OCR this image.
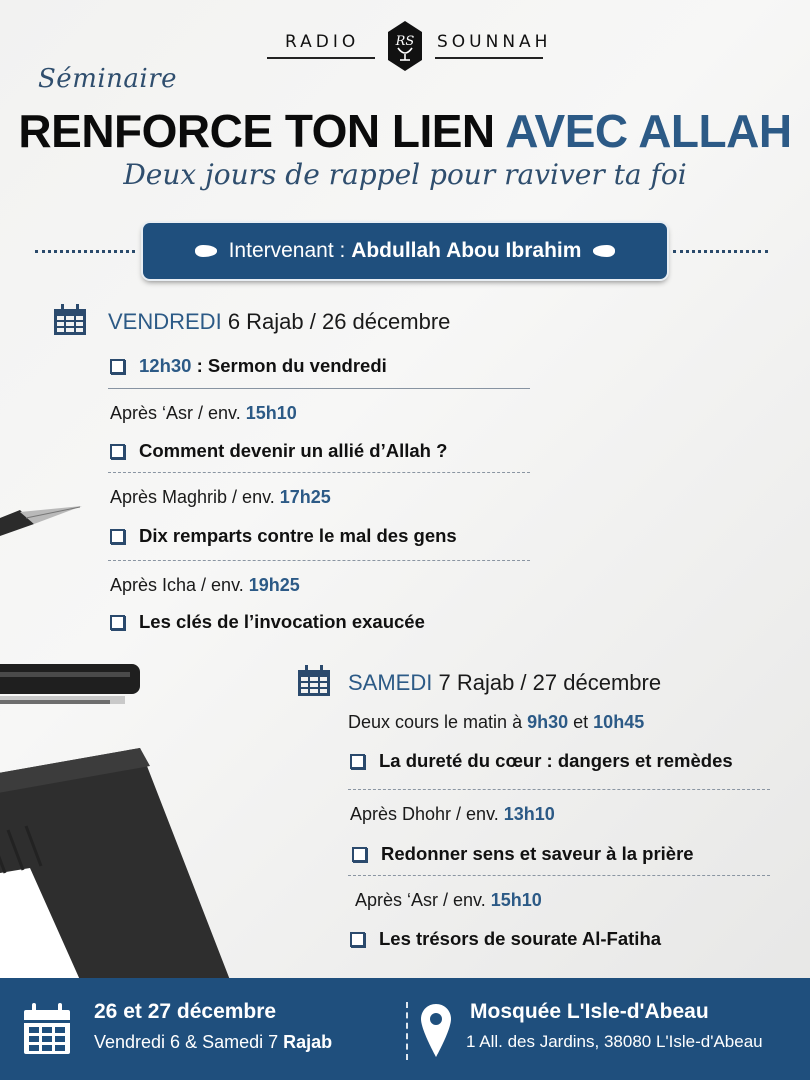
RADIO	RS SOUNNAH
Séminaire
RENFORCE TON LIEN AVEC ALLAH
Deux jours de rappel pour raviver ta foi
Intervenant : Abdullah Abou Ibrahim
VENDREDI 6 Rajab / 26 décembre
12h30 : Sermon du vendredi
Après ‘Asr / env. 15h10
Comment devenir un allié d’Allah ?
Après Maghrib / env. 17h25
Dix remparts contre le mal des gens
Après Icha / env. 19h25
Les clés de l’invocation exaucée
SAMEDI 7 Rajab / 27 décembre
Deux cours le matin à 9h30 et 10h45
La dureté du cœur : dangers et remèdes
Après Dhohr / env. 13h10
Redonner sens et saveur à la prière
Après ‘Asr / env. 15h10
Les trésors de sourate Al-Fatiha
26 et 27 décembre
Vendredi 6 & Samedi 7 Rajab
Mosquée L'Isle-d'Abeau
1 All. des Jardins, 38080 L'Isle-d'Abeau
